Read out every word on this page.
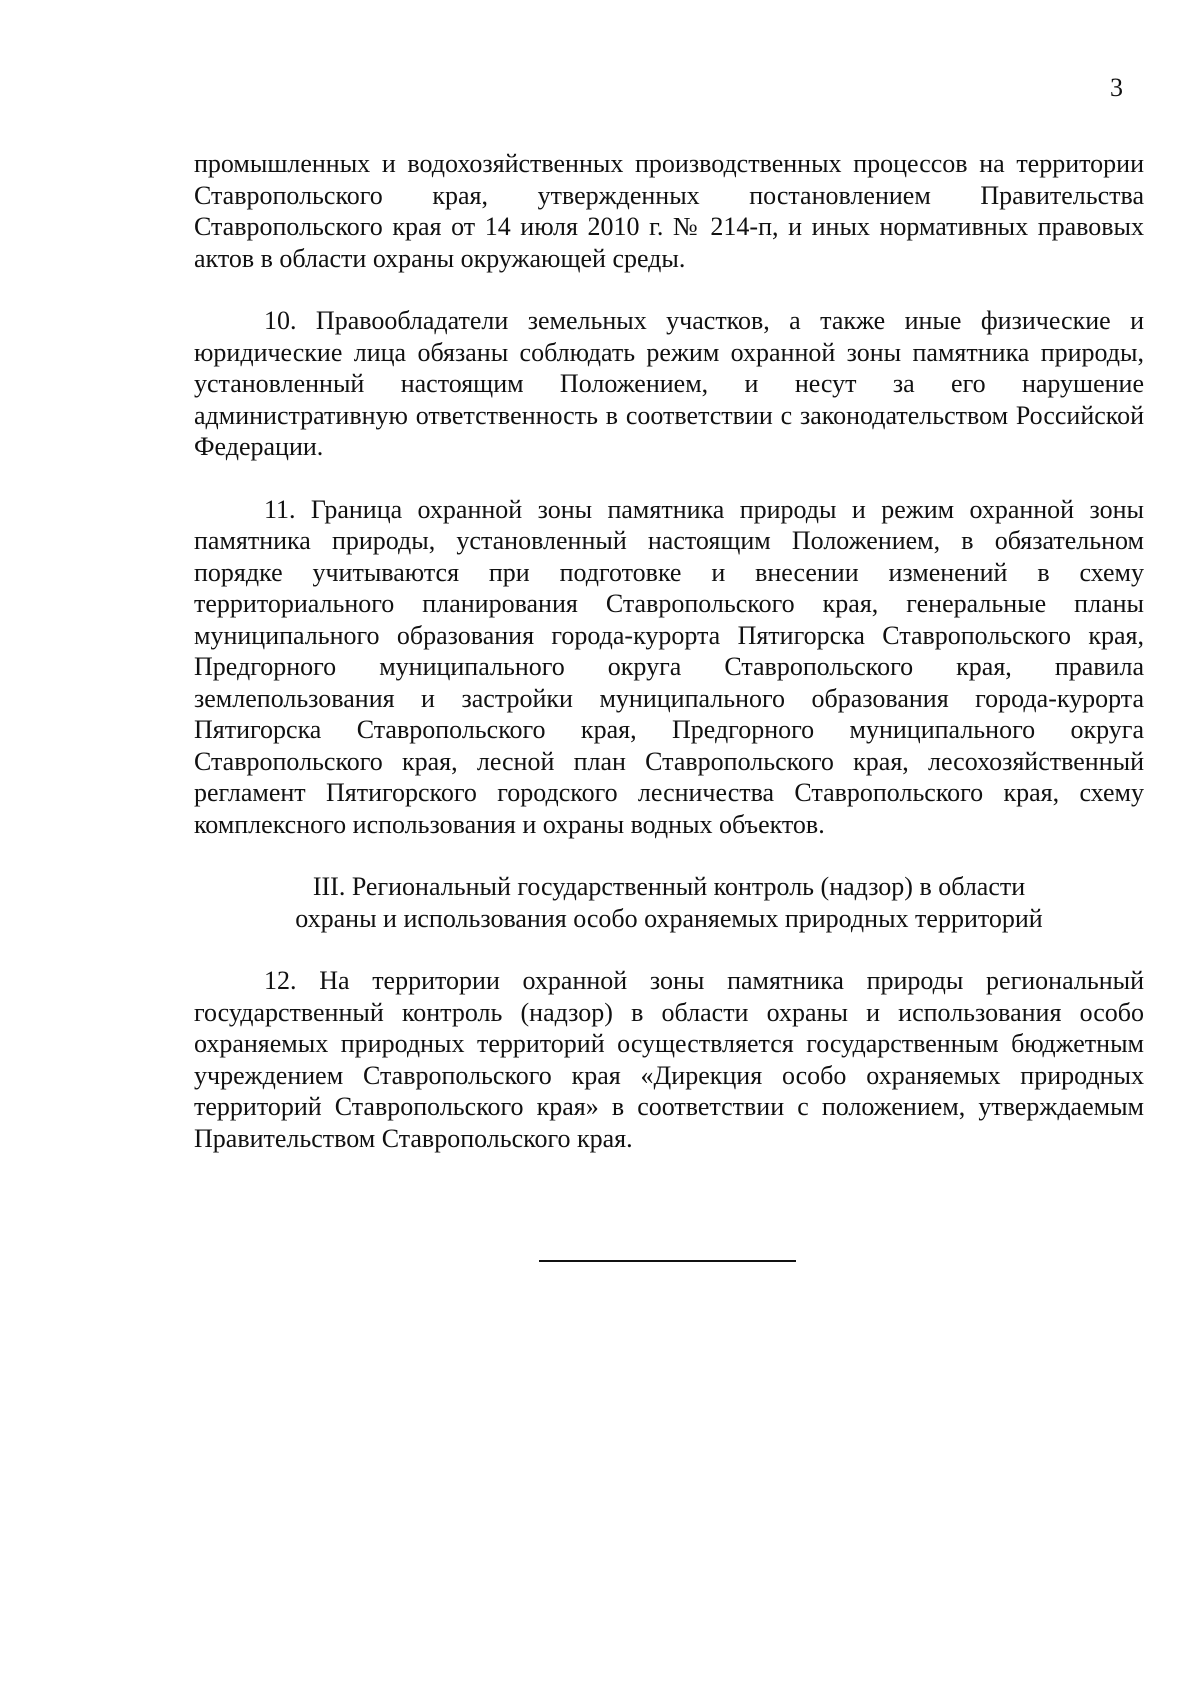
3

промышленных и водохозяйственных производственных процессов на территории Ставропольского края, утвержденных постановлением Правительства Ставропольского края от 14 июля 2010 г. № 214-п, и иных нормативных правовых актов в области охраны окружающей среды.

10. Правообладатели земельных участков, а также иные физические и юридические лица обязаны соблюдать режим охранной зоны памятника природы, установленный настоящим Положением, и несут за его нарушение административную ответственность в соответствии с законодательством Российской Федерации.

11. Граница охранной зоны памятника природы и режим охранной зоны памятника природы, установленный настоящим Положением, в обязательном порядке учитываются при подготовке и внесении изменений в схему территориального планирования Ставропольского края, генеральные планы муниципального образования города-курорта Пятигорска Ставропольского края, Предгорного муниципального округа Ставропольского края, правила землепользования и застройки муниципального образования города-курорта Пятигорска Ставропольского края, Предгорного муниципального округа Ставропольского края, лесной план Ставропольского края, лесохозяйственный регламент Пятигорского городского лесничества Ставропольского края, схему комплексного использования и охраны водных объектов.

III. Региональный государственный контроль (надзор) в области
охраны и использования особо охраняемых природных территорий

12. На территории охранной зоны памятника природы региональный государственный контроль (надзор) в области охраны и использования особо охраняемых природных территорий осуществляется государственным бюджетным учреждением Ставропольского края «Дирекция особо охраняемых природных территорий Ставропольского края» в соответствии с положением, утверждаемым Правительством Ставропольского края.
